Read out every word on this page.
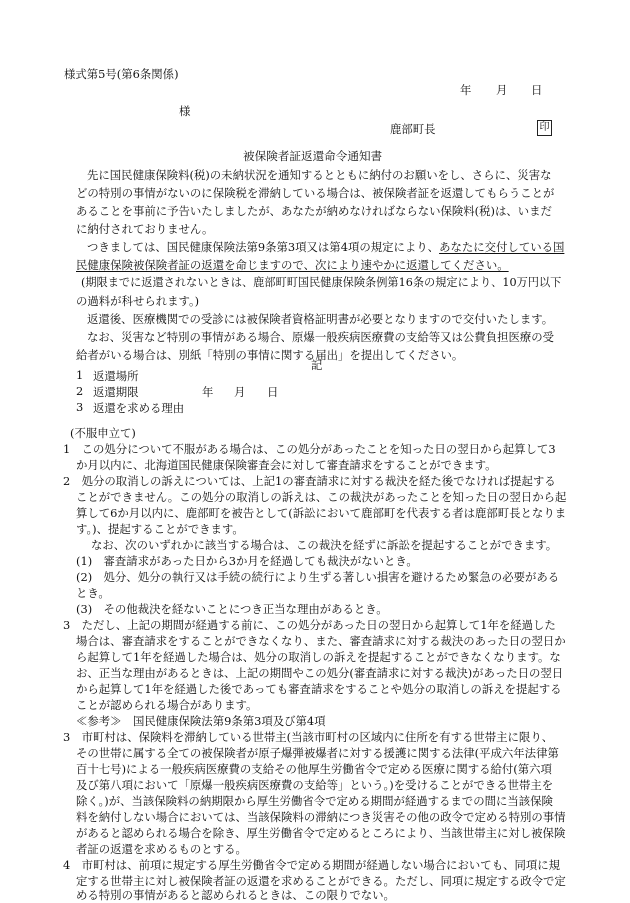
様式第5号(第6条関係)
年 月 日
様
鹿部町長	印
被保険者証返還命令通知書
先に国民健康保険料(税)の未納状況を通知するとともに納付のお願いをし、さらに、災害な
どの特別の事情がないのに保険税を滞納している場合は、被保険者証を返還してもらうことが
あることを事前に予告いたしましたが、あなたが納めなければならない保険料(税)は、いまだ
に納付されておりません。
つきましては、国民健康保険法第9条第3項又は第4項の規定により、あなたに交付している国
民健康保険被保険者証の返還を命じますので、次により速やかに返還してください。
(期限までに返還されないときは、鹿部町町国民健康保険条例第16条の規定により、10万円以下
の過料が科せられます。)
返還後、医療機関での受診には被保険者資格証明書が必要となりますので交付いたします。
なお、災害など特別の事情がある場合、原爆一般疾病医療費の支給等又は公費負担医療の受
給者がいる場合は、別紙「特別の事情に関する届出」を提出してください。
記
1 返還場所
2 返還期限	年 月 日
3 返還を求める理由
(不服申立て)
1　この処分について不服がある場合は、この処分があったことを知った日の翌日から起算して3
か月以内に、北海道国民健康保険審査会に対して審査請求をすることができます。
2　処分の取消しの訴えについては、上記1の審査請求に対する裁決を経た後でなければ提起する
ことができません。この処分の取消しの訴えは、この裁決があったことを知った日の翌日から起
算して6か月以内に、鹿部町を被告として(訴訟において鹿部町を代表する者は鹿部町長となりま
す。)、提起することができます。
なお、次のいずれかに該当する場合は、この裁決を経ずに訴訟を提起することができます。
(1)　審査請求があった日から3か月を経過しても裁決がないとき。
(2)　処分、処分の執行又は手続の続行により生ずる著しい損害を避けるため緊急の必要がある
とき。
(3)　その他裁決を経ないことにつき正当な理由があるとき。
3　ただし、上記の期間が経過する前に、この処分があった日の翌日から起算して1年を経過した
場合は、審査請求をすることができなくなり、また、審査請求に対する裁決のあった日の翌日か
ら起算して1年を経過した場合は、処分の取消しの訴えを提起することができなくなります。な
お、正当な理由があるときは、上記の期間やこの処分(審査請求に対する裁決)があった日の翌日
から起算して1年を経過した後であっても審査請求をすることや処分の取消しの訴えを提起する
ことが認められる場合があります。
≪参考≫　国民健康保険法第9条第3項及び第4項
3　市町村は、保険料を滞納している世帯主(当該市町村の区域内に住所を有する世帯主に限り、
その世帯に属する全ての被保険者が原子爆弾被爆者に対する援護に関する法律(平成六年法律第
百十七号)による一般疾病医療費の支給その他厚生労働省令で定める医療に関する給付(第六項
及び第八項において「原爆一般疾病医療費の支給等」という。)を受けることができる世帯主を
除く。)が、当該保険料の納期限から厚生労働省令で定める期間が経過するまでの間に当該保険
料を納付しない場合においては、当該保険料の滞納につき災害その他の政令で定める特別の事情
があると認められる場合を除き、厚生労働省令で定めるところにより、当該世帯主に対し被保険
者証の返還を求めるものとする。
4　市町村は、前項に規定する厚生労働省令で定める期間が経過しない場合においても、同項に規
定する世帯主に対し被保険者証の返還を求めることができる。ただし、同項に規定する政令で定
める特別の事情があると認められるときは、この限りでない。
